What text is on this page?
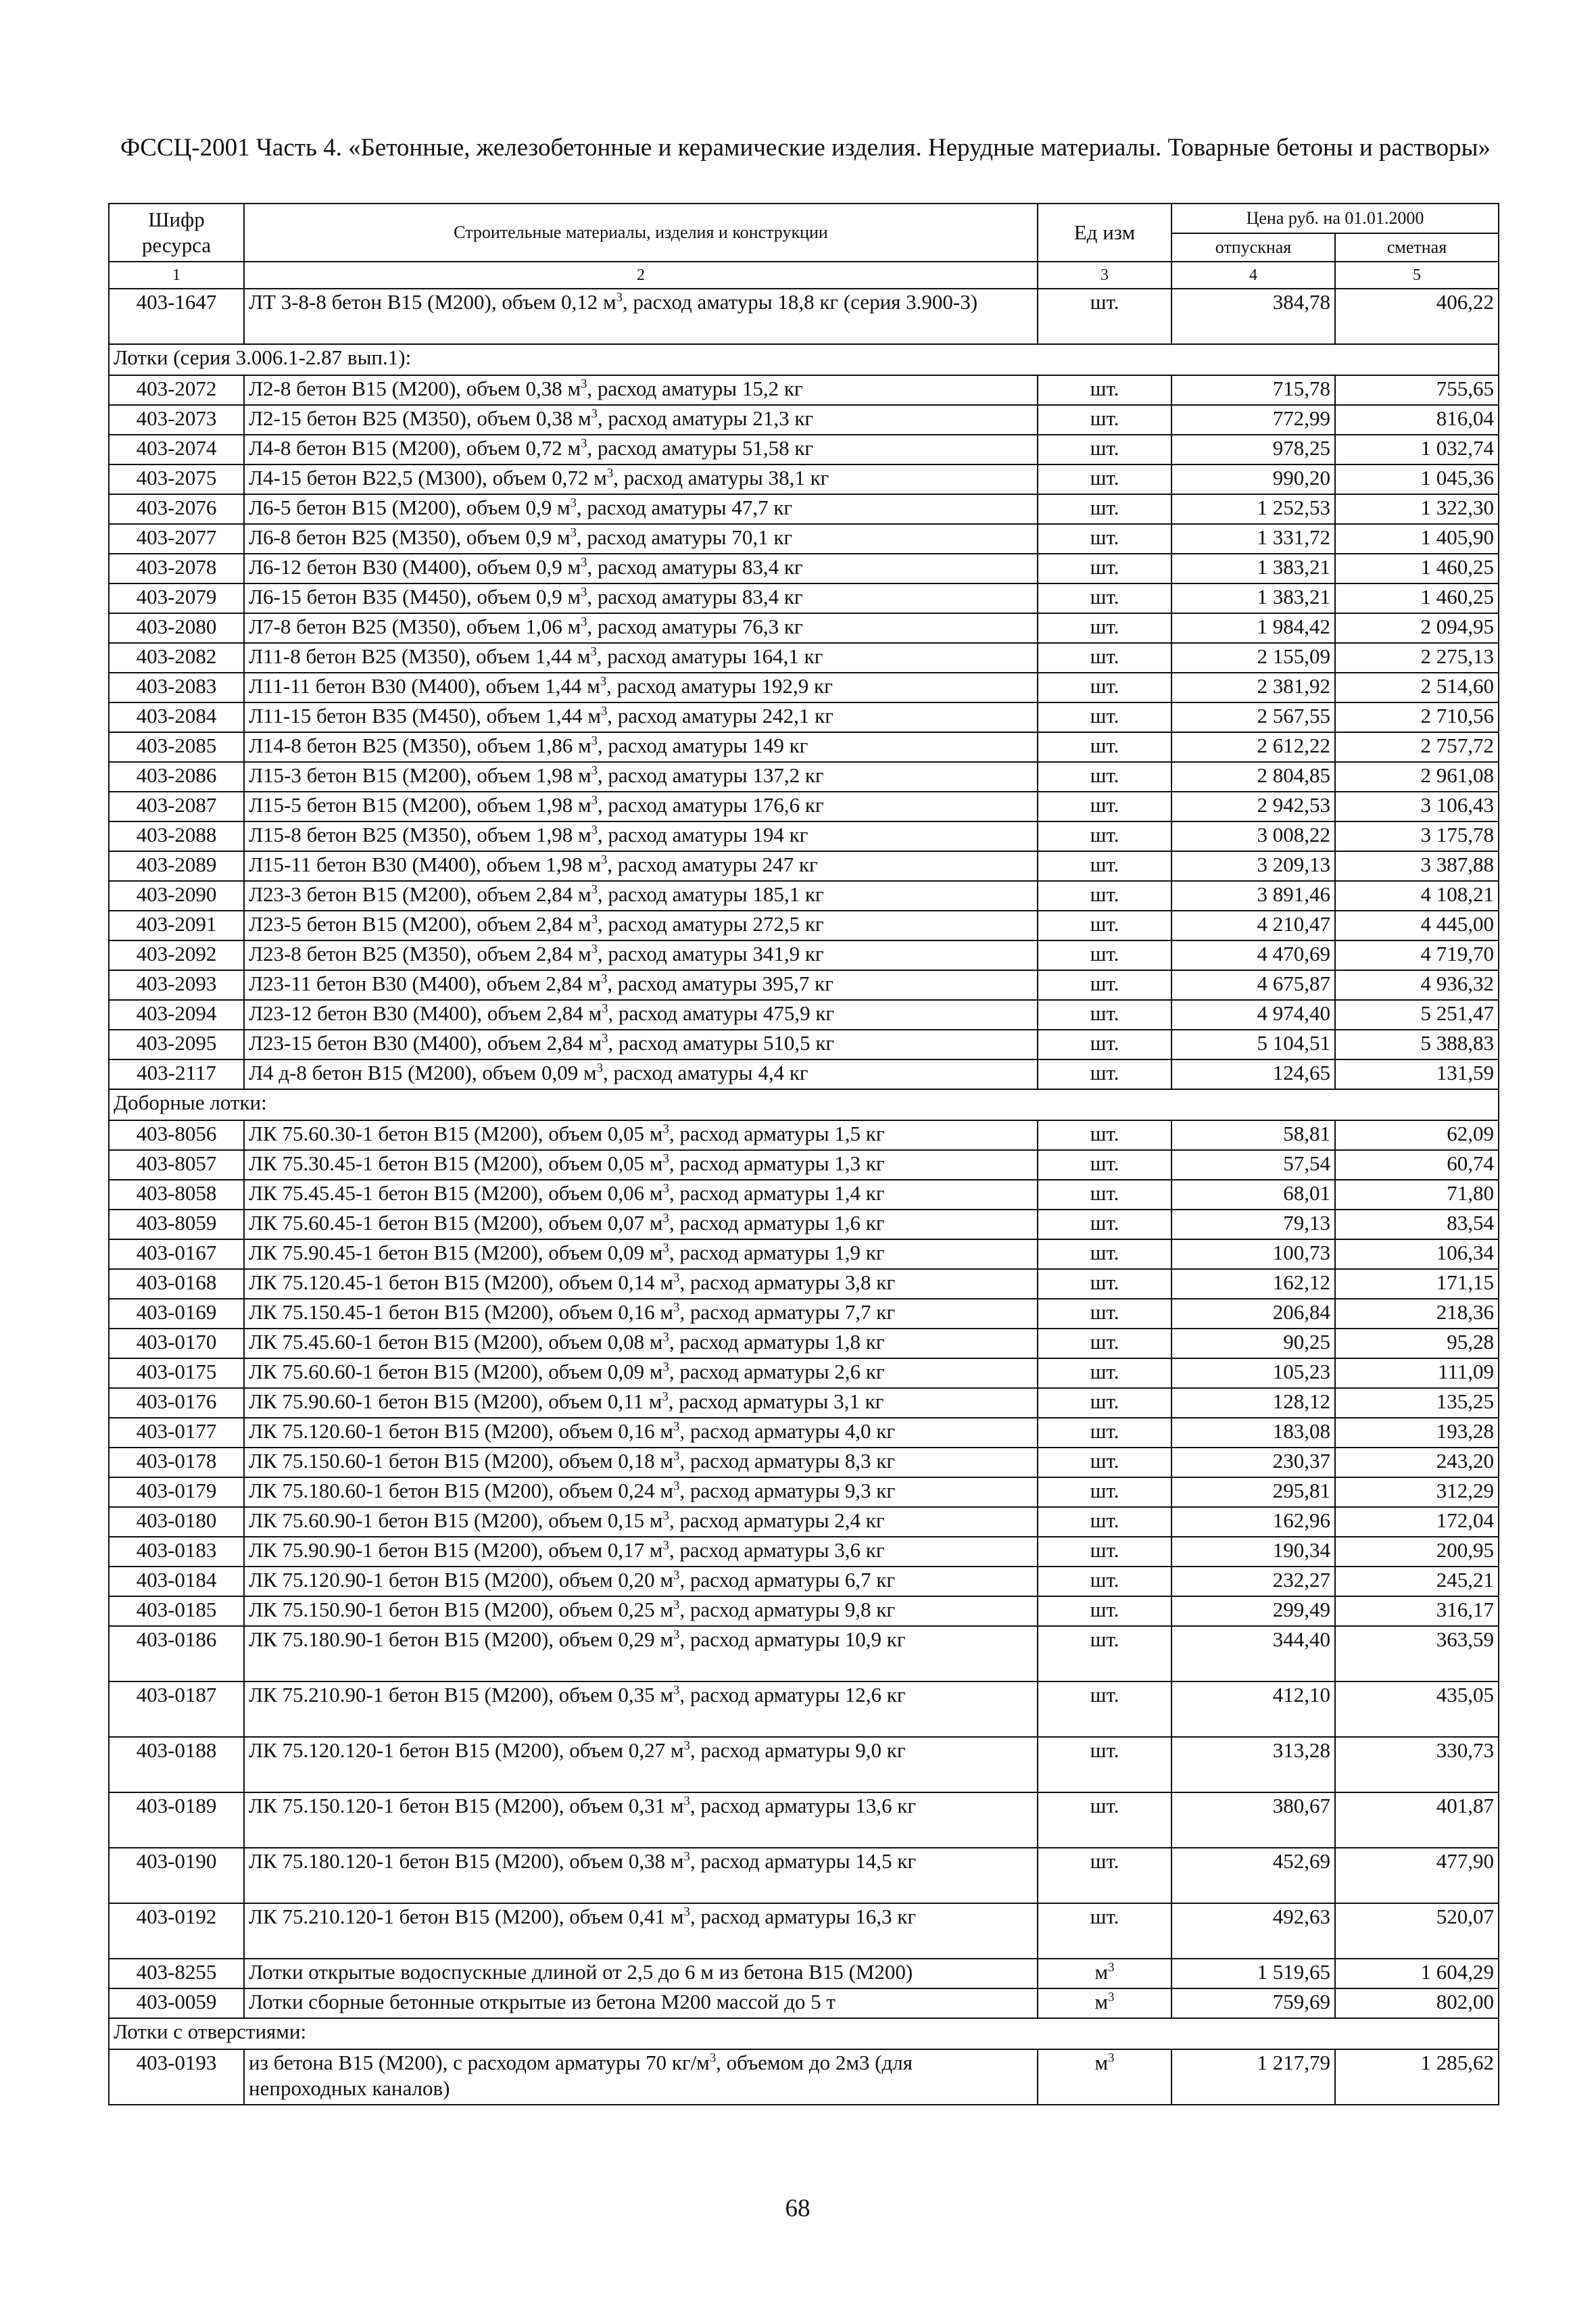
ФССЦ-2001 Часть 4. «Бетонные, железобетонные и керамические изделия. Нерудные материалы. Товарные бетоны и растворы»
Шифр ресурса	Строительные материалы, изделия и конструкции	Ед изм	Цена руб. на 01.01.2000	
			отпускная	сметная
1	2	3	4	5
403-1647	ЛТ 3-8-8 бетон B15 (M200), объем 0,12 $м^3$, расход аматуры 18,8 кг (серия 3.900-3)	шт.	384,78	406,22
Лотки (серия 3.006.1-2.87 вып.1):				
403-2072	Л2-8 бетон B15 (M200), объем 0,38 $м^3$, расход аматуры 15,2 кг	шт.	715,78	755,65
403-2073	Л2-15 бетон B25 (M350), объем 0,38 $м^3$, расход аматуры 21,3 кг	шт.	772,99	816,04
403-2074	Л4-8 бетон B15 (M200), объем 0,72 $м^3$, расход аматуры 51,58 кг	шт.	978,25	1 032,74
403-2075	Л4-15 бетон B22,5 (M300), объем 0,72 $м^3$, расход аматуры 38,1 кг	шт.	990,20	1 045,36
403-2076	Л6-5 бетон B15 (M200), объем 0,9 $м^3$, расход аматуры 47,7 кг	шт.	1 252,53	1 322,30
403-2077	Л6-8 бетон B25 (M350), объем 0,9 $м^3$, расход аматуры 70,1 кг	шт.	1 331,72	1 405,90
403-2078	Л6-12 бетон B30 (M400), объем 0,9 $м^3$, расход аматуры 83,4 кг	шт.	1 383,21	1 460,25
403-2079	Л6-15 бетон B35 (M450), объем 0,9 $м^3$, расход аматуры 83,4 кг	шт.	1 383,21	1 460,25
403-2080	Л7-8 бетон B25 (M350), объем 1,06 $м^3$, расход аматуры 76,3 кг	шт.	1 984,42	2 094,95
403-2082	Л11-8 бетон B25 (M350), объем 1,44 $м^3$, расход аматуры 164,1 кг	шт.	2 155,09	2 275,13
403-2083	Л11-11 бетон B30 (M400), объем 1,44 $м^3$, расход аматуры 192,9 кг	шт.	2 381,92	2 514,60
403-2084	Л11-15 бетон B35 (M450), объем 1,44 $м^3$, расход аматуры 242,1 кг	шт.	2 567,55	2 710,56
403-2085	Л14-8 бетон B25 (M350), объем 1,86 $м^3$, расход аматуры 149 кг	шт.	2 612,22	2 757,72
403-2086	Л15-3 бетон B15 (M200), объем 1,98 $м^3$, расход аматуры 137,2 кг	шт.	2 804,85	2 961,08
403-2087	Л15-5 бетон B15 (M200), объем 1,98 $м^3$, расход аматуры 176,6 кг	шт.	2 942,53	3 106,43
403-2088	Л15-8 бетон B25 (M350), объем 1,98 $м^3$, расход аматуры 194 кг	шт.	3 008,22	3 175,78
403-2089	Л15-11 бетон B30 (M400), объем 1,98 $м^3$, расход аматуры 247 кг	шт.	3 209,13	3 387,88
403-2090	Л23-3 бетон B15 (M200), объем 2,84 $м^3$, расход аматуры 185,1 кг	шт.	3 891,46	4 108,21
403-2091	Л23-5 бетон B15 (M200), объем 2,84 $м^3$, расход аматуры 272,5 кг	шт.	4 210,47	4 445,00
403-2092	Л23-8 бетон B25 (M350), объем 2,84 $м^3$, расход аматуры 341,9 кг	шт.	4 470,69	4 719,70
403-2093	Л23-11 бетон B30 (M400), объем 2,84 $м^3$, расход аматуры 395,7 кг	шт.	4 675,87	4 936,32
403-2094	Л23-12 бетон B30 (M400), объем 2,84 $м^3$, расход аматуры 475,9 кг	шт.	4 974,40	5 251,47
403-2095	Л23-15 бетон B30 (M400), объем 2,84 $м^3$, расход аматуры 510,5 кг	шт.	5 104,51	5 388,83
403-2117	Л4 д-8 бетон B15 (M200), объем 0,09 $м^3$, расход аматуры 4,4 кг	шт.	124,65	131,59
Доборные лотки:				
403-8056	ЛК 75.60.30-1 бетон B15 (M200), объем 0,05 $м^3$, расход арматуры 1,5 кг	шт.	58,81	62,09
403-8057	ЛК 75.30.45-1 бетон B15 (M200), объем 0,05 $м^3$, расход арматуры 1,3 кг	шт.	57,54	60,74
403-8058	ЛК 75.45.45-1 бетон B15 (M200), объем 0,06 $м^3$, расход арматуры 1,4 кг	шт.	68,01	71,80
403-8059	ЛК 75.60.45-1 бетон B15 (M200), объем 0,07 $м^3$, расход арматуры 1,6 кг	шт.	79,13	83,54
403-0167	ЛК 75.90.45-1 бетон B15 (M200), объем 0,09 $м^3$, расход арматуры 1,9 кг	шт.	100,73	106,34
403-0168	ЛК 75.120.45-1 бетон B15 (M200), объем 0,14 $м^3$, расход арматуры 3,8 кг	шт.	162,12	171,15
403-0169	ЛК 75.150.45-1 бетон B15 (M200), объем 0,16 $м^3$, расход арматуры 7,7 кг	шт.	206,84	218,36
403-0170	ЛК 75.45.60-1 бетон B15 (M200), объем 0,08 $м^3$, расход арматуры 1,8 кг	шт.	90,25	95,28
403-0175	ЛК 75.60.60-1 бетон B15 (M200), объем 0,09 $м^3$, расход арматуры 2,6 кг	шт.	105,23	111,09
403-0176	ЛК 75.90.60-1 бетон B15 (M200), объем 0,11 $м^3$, расход арматуры 3,1 кг	шт.	128,12	135,25
403-0177	ЛК 75.120.60-1 бетон B15 (M200), объем 0,16 $м^3$, расход арматуры 4,0 кг	шт.	183,08	193,28
403-0178	ЛК 75.150.60-1 бетон B15 (M200), объем 0,18 $м^3$, расход арматуры 8,3 кг	шт.	230,37	243,20
403-0179	ЛК 75.180.60-1 бетон B15 (M200), объем 0,24 $м^3$, расход арматуры 9,3 кг	шт.	295,81	312,29
403-0180	ЛК 75.60.90-1 бетон B15 (M200), объем 0,15 $м^3$, расход арматуры 2,4 кг	шт.	162,96	172,04
403-0183	ЛК 75.90.90-1 бетон B15 (M200), объем 0,17 $м^3$, расход арматуры 3,6 кг	шт.	190,34	200,95
403-0184	ЛК 75.120.90-1 бетон B15 (M200), объем 0,20 $м^3$, расход арматуры 6,7 кг	шт.	232,27	245,21
403-0185	ЛК 75.150.90-1 бетон B15 (M200), объем 0,25 $м^3$, расход арматуры 9,8 кг	шт.	299,49	316,17
403-0186	ЛК 75.180.90-1 бетон B15 (M200), объем 0,29 $м^3$, расход арматуры 10,9 кг	шт.	344,40	363,59
403-0187	ЛК 75.210.90-1 бетон B15 (M200), объем 0,35 $м^3$, расход арматуры 12,6 кг	шт.	412,10	435,05
403-0188	ЛК 75.120.120-1 бетон B15 (M200), объем 0,27 $м^3$, расход арматуры 9,0 кг	шт.	313,28	330,73
403-0189	ЛК 75.150.120-1 бетон B15 (M200), объем 0,31 $м^3$, расход арматуры 13,6 кг	шт.	380,67	401,87
403-0190	ЛК 75.180.120-1 бетон B15 (M200), объем 0,38 $м^3$, расход арматуры 14,5 кг	шт.	452,69	477,90
403-0192	ЛК 75.210.120-1 бетон B15 (M200), объем 0,41 $м^3$, расход арматуры 16,3 кг	шт.	492,63	520,07
403-8255	Лотки открытые водоспускные длиной от 2,5 до 6 м из бетона B15 (M200)	$м^3$	1 519,65	1 604,29
403-0059	Лотки сборные бетонные открытые из бетона M200 массой до 5 т	$м^3$	759,69	802,00
Лотки с отверстиями:				
403-0193	из бетона B15 (M200), с расходом арматуры 70 $кг/м^3$, объемом до 2м3 (для непроходных каналов)	$м^3$	1 217,79	1 285,62
68
